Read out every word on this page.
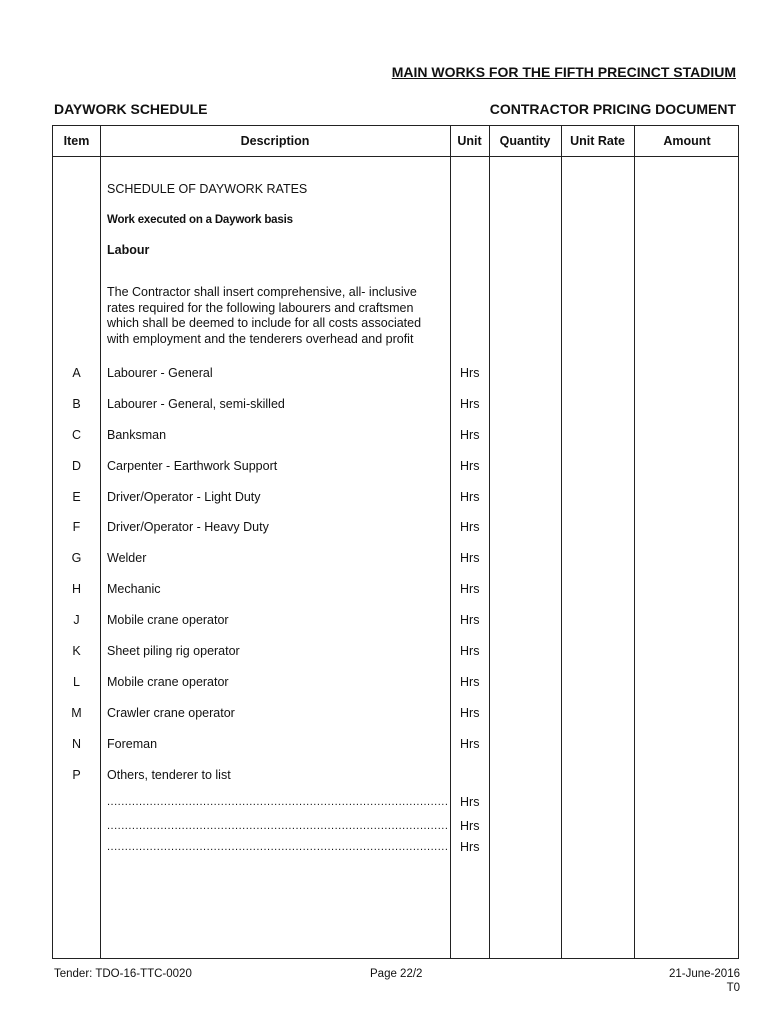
MAIN WORKS FOR THE FIFTH PRECINCT STADIUM
DAYWORK SCHEDULE	CONTRACTOR PRICING DOCUMENT
Item	Description	Unit	Quantity	Unit Rate	Amount
SCHEDULE OF DAYWORK RATES
Work executed on a Daywork basis
Labour
The Contractor shall insert comprehensive, all- inclusive rates required for the following labourers and craftsmen which shall be deemed to include for all costs associated with employment and the tenderers overhead and profit
A	Labourer - General	Hrs
B	Labourer - General, semi-skilled	Hrs
C	Banksman	Hrs
D	Carpenter - Earthwork Support	Hrs
E	Driver/Operator - Light Duty	Hrs
F	Driver/Operator - Heavy Duty	Hrs
G	Welder	Hrs
H	Mechanic	Hrs
J	Mobile crane operator	Hrs
K	Sheet piling rig operator	Hrs
L	Mobile crane operator	Hrs
M	Crawler crane operator	Hrs
N	Foreman	Hrs
P	Others, tenderer to list
................................................................................................ Hrs
................................................................................................ Hrs
................................................................................................ Hrs
Tender: TDO-16-TTC-0020	Page 22/2	21-June-2016
T0
